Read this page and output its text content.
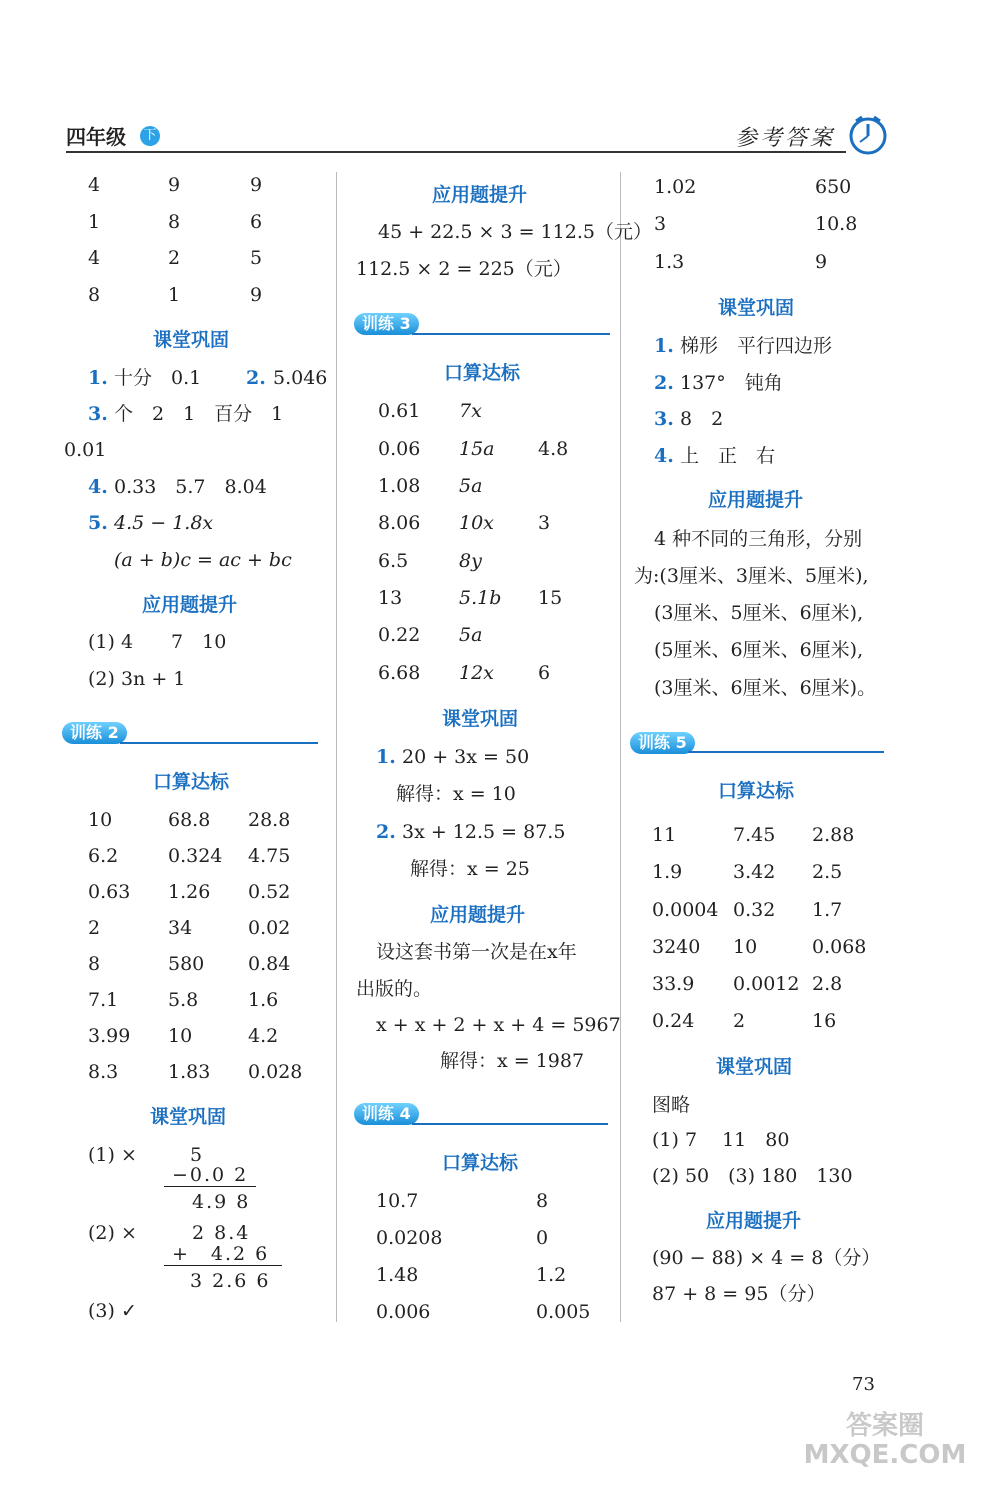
四年级 下	参考答案
4	9	9
1	8	6
4	2	5
8	1	9
课堂巩固
1. 十分　0.1 2. 5.046
3. 个　2　1　百分　1
0.01
4. 0.33　5.7　8.04
5. 4.5 − 1.8x
(a + b)c = ac + bc
应用题提升
(1) 4　　7　10
(2) 3n + 1
训练 2
口算达标
10	68.8 28.8
6.2	0.324 4.75
0.63 1.26 0.52
2	34	0.02
8	580 0.84
7.1	5.8	1.6
3.99 10	4.2
8.3	1.83 0.028
课堂巩固
(1) ×	5
−0.0 2
4.9 8
(2) ×	2 8.4
+　4.2 6
3 2.6 6
(3) ✓
应用题提升
45 + 22.5 × 3 = 112.5（元）
112.5 × 2 = 225（元）
训练 3
口算达标
0.61 7x
0.06 15a 4.8
1.08 5a
8.06 10x 3
6.5	8y
13	5.1b 15
0.22 5a
6.68 12x 6
课堂巩固
1. 20 + 3x = 50
解得：x = 10
2. 3x + 12.5 = 87.5
解得：x = 25
应用题提升
设这套书第一次是在x年
出版的。
x + x + 2 + x + 4 = 5967
解得：x = 1987
训练 4
口算达标
10.7	8
0.0208	0
1.48	1.2
0.006	0.005
1.02	650
3	10.8
1.3	9
课堂巩固
1. 梯形　平行四边形
2. 137°　钝角
3. 8　2
4. 上　正　右
应用题提升
4 种不同的三角形，分别
为:(3厘米、3厘米、5厘米),
(3厘米、5厘米、6厘米),
(5厘米、6厘米、6厘米),
(3厘米、6厘米、6厘米)。
训练 5
口算达标
11	7.45 2.88
1.9	3.42 2.5
0.0004 0.32 1.7
3240 10	0.068
33.9 0.0012 2.8
0.24 2	16
课堂巩固
图略
(1) 7　 11　80
(2) 50　(3) 180　130
应用题提升
(90 − 88) × 4 = 8（分）
87 + 8 = 95（分）
73
答案圈 MXQE.COM
